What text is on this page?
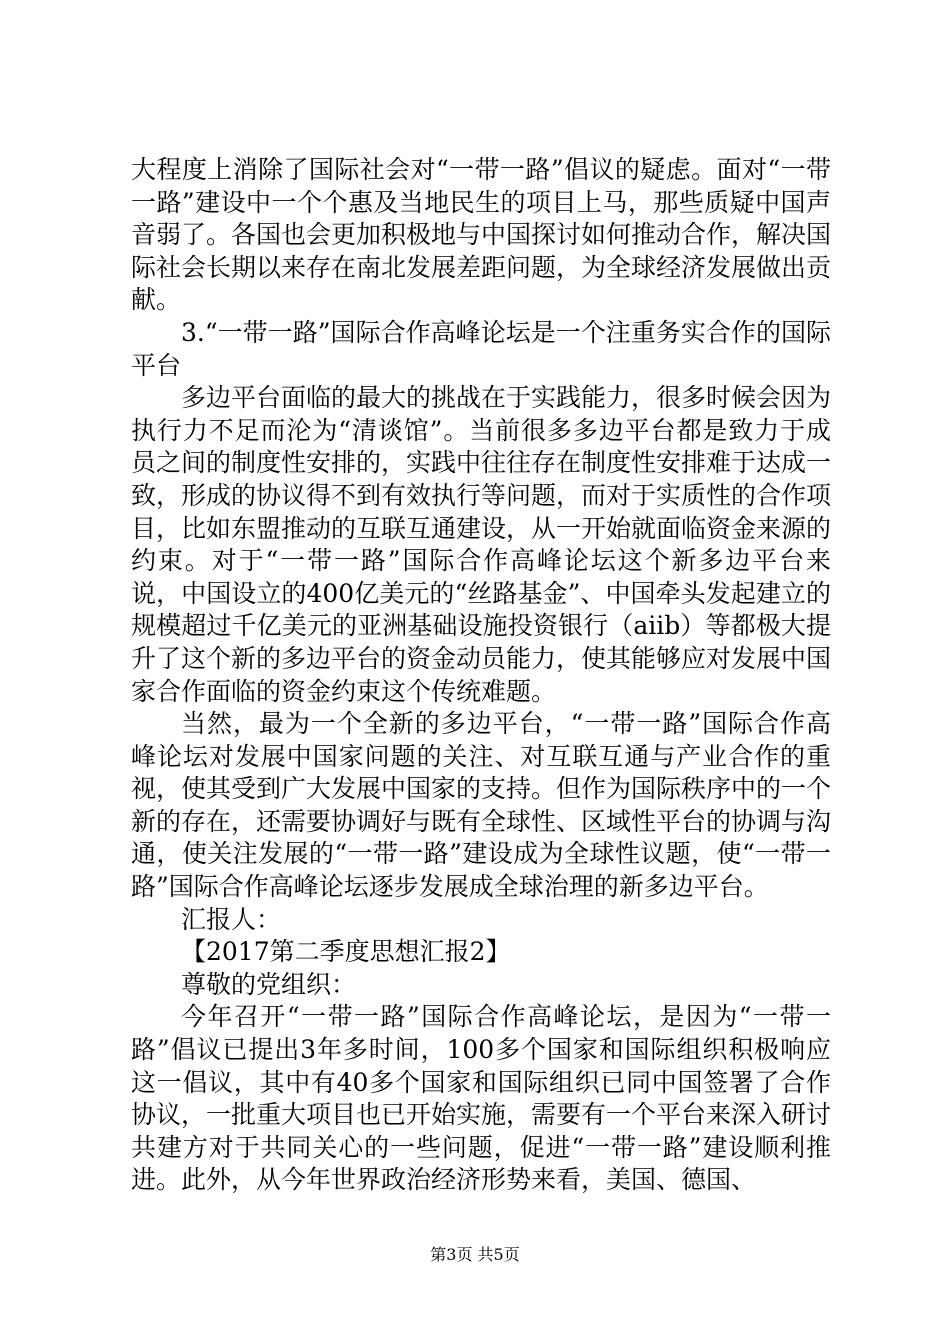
大程度上消除了国际社会对“一带一路”倡议的疑虑。面对“一带一路”建设中一个个惠及当地民生的项目上马，那些质疑中国声音弱了。各国也会更加积极地与中国探讨如何推动合作，解决国际社会长期以来存在南北发展差距问题，为全球经济发展做出贡献。

3.“一带一路”国际合作高峰论坛是一个注重务实合作的国际平台

多边平台面临的最大的挑战在于实践能力，很多时候会因为执行力不足而沦为“清谈馆”。当前很多多边平台都是致力于成员之间的制度性安排的，实践中往往存在制度性安排难于达成一致，形成的协议得不到有效执行等问题，而对于实质性的合作项目，比如东盟推动的互联互通建设，从一开始就面临资金来源的约束。对于“一带一路”国际合作高峰论坛这个新多边平台来说，中国设立的400亿美元的“丝路基金”、中国牵头发起建立的规模超过千亿美元的亚洲基础设施投资银行（aiib）等都极大提升了这个新的多边平台的资金动员能力，使其能够应对发展中国家合作面临的资金约束这个传统难题。

当然，最为一个全新的多边平台，“一带一路”国际合作高峰论坛对发展中国家问题的关注、对互联互通与产业合作的重视，使其受到广大发展中国家的支持。但作为国际秩序中的一个新的存在，还需要协调好与既有全球性、区域性平台的协调与沟通，使关注发展的“一带一路”建设成为全球性议题，使“一带一路”国际合作高峰论坛逐步发展成全球治理的新多边平台。

汇报人：

【2017第二季度思想汇报2】

尊敬的党组织：

今年召开“一带一路”国际合作高峰论坛，是因为“一带一路”倡议已提出3年多时间，100多个国家和国际组织积极响应这一倡议，其中有40多个国家和国际组织已同中国签署了合作协议，一批重大项目也已开始实施，需要有一个平台来深入研讨共建方对于共同关心的一些问题，促进“一带一路”建设顺利推进。此外，从今年世界政治经济形势来看，美国、德国、

第3页 共5页
